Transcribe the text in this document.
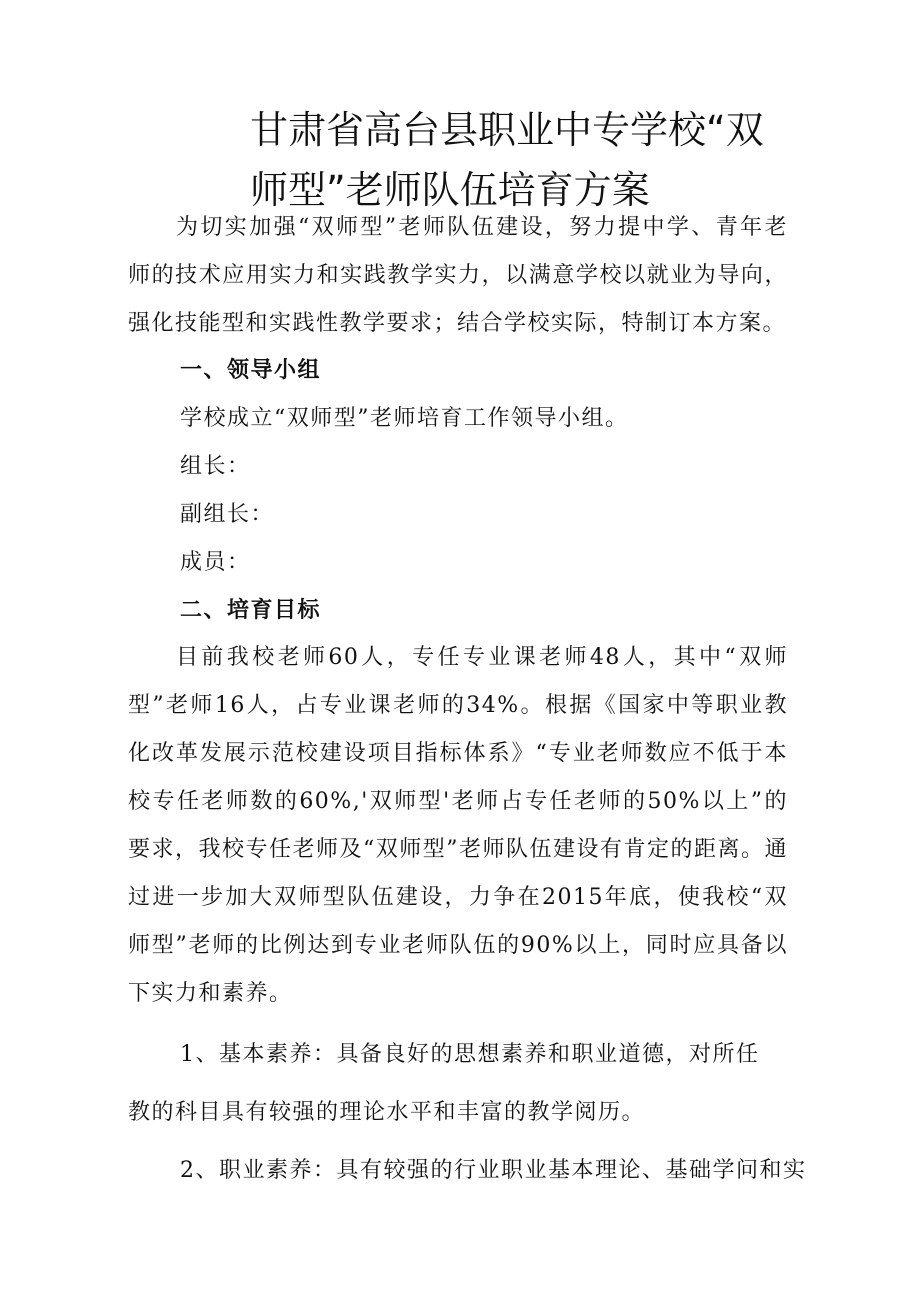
甘肃省高台县职业中专学校“双师型”老师队伍培育方案

为切实加强“双师型”老师队伍建设，努力提中学、青年老师的技术应用实力和实践教学实力，以满意学校以就业为导向，强化技能型和实践性教学要求；结合学校实际，特制订本方案。

一、领导小组

学校成立“双师型”老师培育工作领导小组。

组长：

副组长：

成员：

二、培育目标

目前我校老师60人，专任专业课老师48人，其中“双师型”老师16人，占专业课老师的34%。根据《国家中等职业教化改革发展示范校建设项目指标体系》“专业老师数应不低于本校专任老师数的60%,'双师型'老师占专任老师的50%以上”的要求，我校专任老师及“双师型”老师队伍建设有肯定的距离。通过进一步加大双师型队伍建设，力争在2015年底，使我校“双师型”老师的比例达到专业老师队伍的90%以上，同时应具备以下实力和素养。

1、基本素养：具备良好的思想素养和职业道德，对所任

教的科目具有较强的理论水平和丰富的教学阅历。

2、职业素养：具有较强的行业职业基本理论、基础学问和实
